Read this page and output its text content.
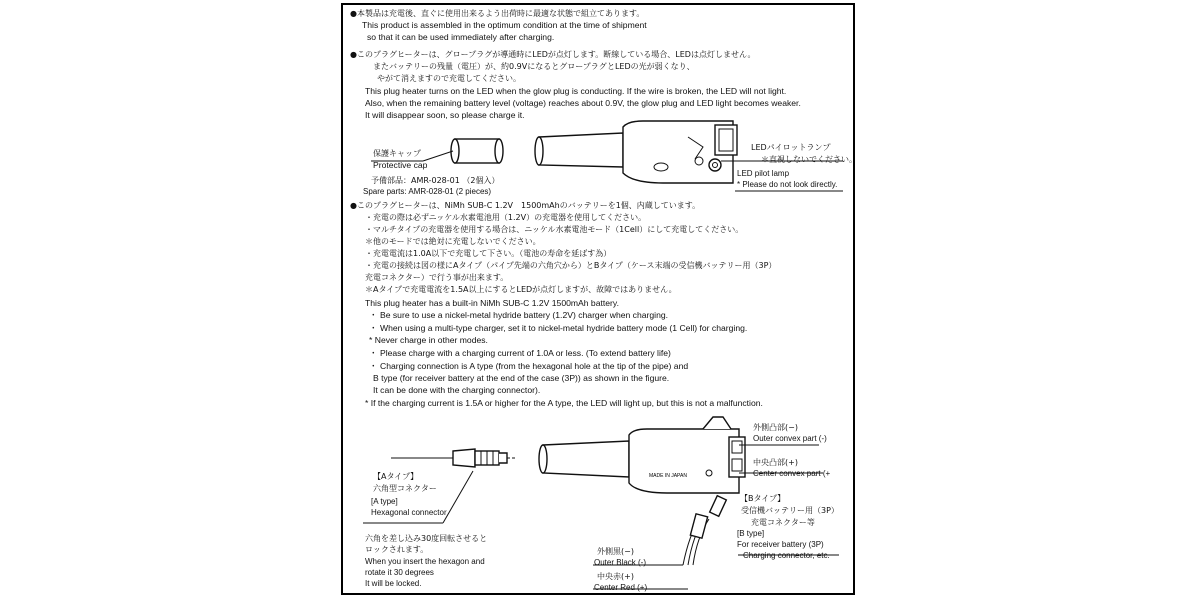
●本製品は充電後、直ぐに使用出来るよう出荷時に最適な状態で組立てあります。
This product is assembled in the optimum condition at the time of shipment
so that it can be used immediately after charging.
●このプラグヒーターは、グロープラグが導通時にLEDが点灯します。断線している場合、LEDは点灯しません。
またバッテリーの残量（電圧）が、約0.9VになるとグロープラグとLEDの光が弱くなり、
やがて消えますので充電してください。
This plug heater turns on the LED when the glow plug is conducting. If the wire is broken, the LED will not light.
Also, when the remaining battery level (voltage) reaches about 0.9V, the glow plug and LED light becomes weaker.
It will disappear soon, so please charge it.
保護キャップ
Protective cap
予備部品：AMR-028-01 （2個入）
Spare parts: AMR-028-01 (2 pieces)
LEDパイロットランプ
＊直視しないでください。
LED pilot lamp
* Please do not look directly.
●このプラグヒーターは、NiMh SUB-C 1.2V　1500mAhのバッテリーを1個、内蔵しています。
・充電の際は必ずニッケル水素電池用（1.2V）の充電器を使用してください。
・マルチタイプの充電器を使用する場合は、ニッケル水素電池モード（1Cell）にして充電してください。
＊他のモードでは絶対に充電しないでください。
・充電電流は1.0A以下で充電して下さい。（電池の寿命を延ばす為）
・充電の接続は図の様にAタイプ（パイプ先端の六角穴から）とBタイプ（ケース末端の受信機バッテリー用（3P）
充電コネクター）で行う事が出来ます。
＊Aタイプで充電電流を1.5A以上にするとLEDが点灯しますが、故障ではありません。
This plug heater has a built-in NiMh SUB-C 1.2V 1500mAh battery.
・ Be sure to use a nickel-metal hydride battery (1.2V) charger when charging.
・ When using a multi-type charger, set it to nickel-metal hydride battery mode (1 Cell) for charging.
* Never charge in other modes.
・ Please charge with a charging current of 1.0A or less. (To extend battery life)
・ Charging connection is A type (from the hexagonal hole at the tip of the pipe) and
B type (for receiver battery at the end of the case (3P)) as shown in the figure.
It can be done with the charging connector).
* If the charging current is 1.5A or higher for the A type, the LED will light up, but this is not a malfunction.
MADE IN JAPAN
外側凸部(−)
Outer convex part (-)
中央凸部(+)
Center convex part (+
【Aタイプ】
六角型コネクター
[A type]
Hexagonal connector
【Bタイプ】
受信機バッテリー用（3P）
充電コネクター等
[B type]
For receiver battery (3P)
Charging connector, etc.
六角を差し込み30度回転させると
ロックされます。
When you insert the hexagon and
rotate it 30 degrees
It will be locked.
外側黒(−)
Outer Black (-)
中央赤(+)
Center Red (+)
